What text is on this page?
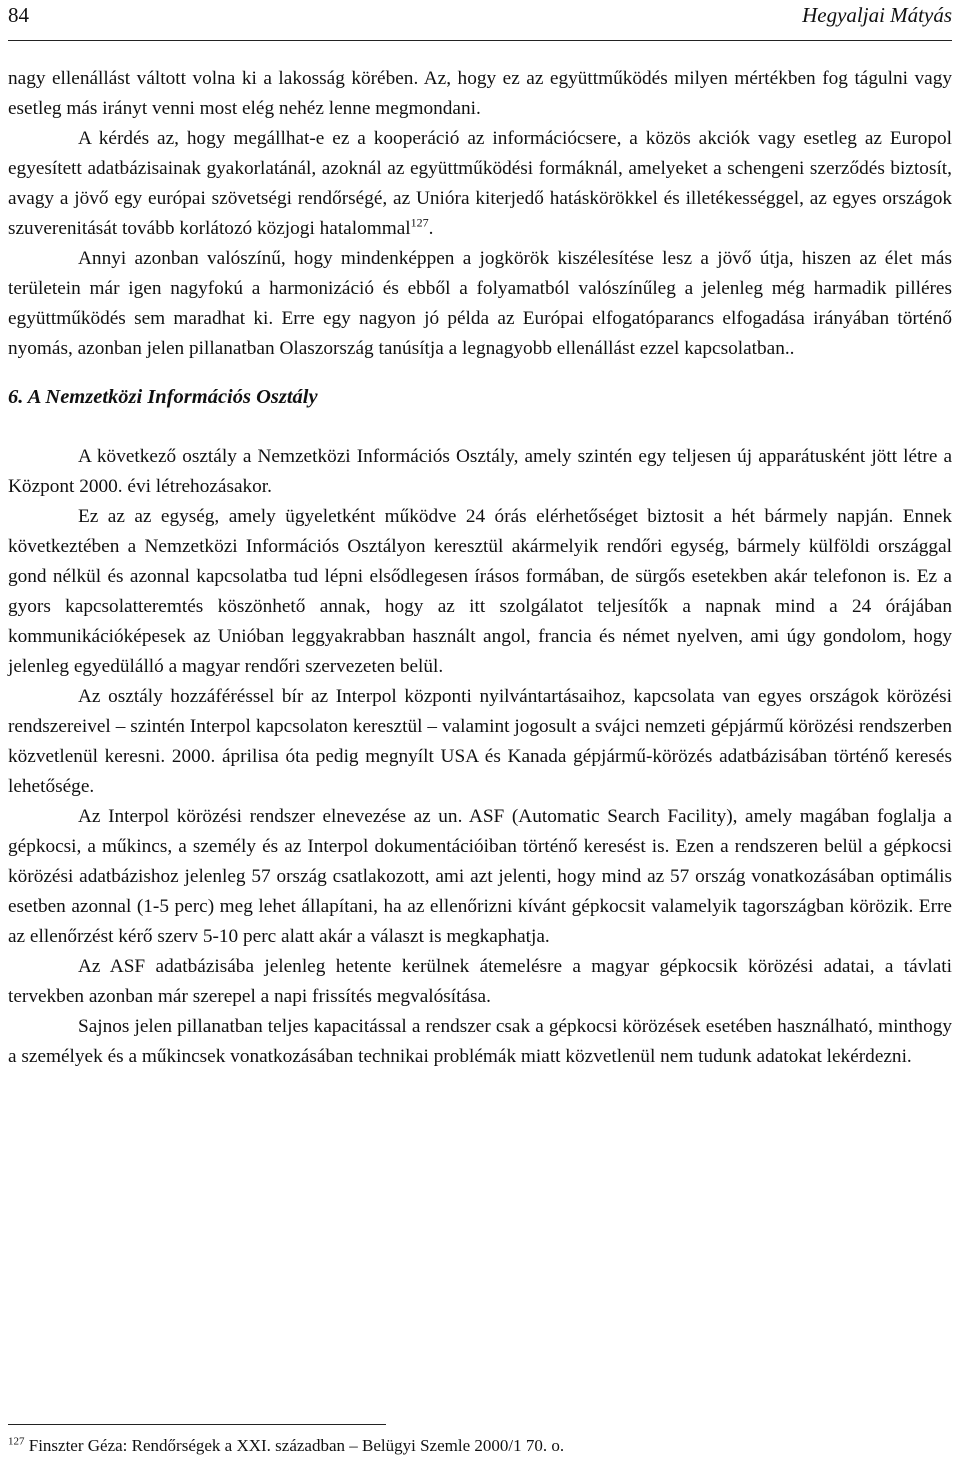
84	Hegyaljai Mátyás

nagy ellenállást váltott volna ki a lakosság körében. Az, hogy ez az együttműködés milyen mértékben fog tágulni vagy esetleg más irányt venni most elég nehéz lenne megmondani.

A kérdés az, hogy megállhat-e ez a kooperáció az információcsere, a közös akciók vagy esetleg az Europol egyesített adatbázisainak gyakorlatánál, azoknál az együttműködési formáknál, amelyeket a schengeni szerződés biztosít, avagy a jövő egy európai szövetségi rendőrségé, az Unióra kiterjedő hatáskörökkel és illetékességgel, az egyes országok szuverenitását tovább korlátozó közjogi hatalommal$^{127}$.

Annyi azonban valószínű, hogy mindenképpen a jogkörök kiszélesítése lesz a jövő útja, hiszen az élet más területein már igen nagyfokú a harmonizáció és ebből a folyamatból valószínűleg a jelenleg még harmadik pilléres együttműködés sem maradhat ki. Erre egy nagyon jó példa az Európai elfogatóparancs elfogadása irányában történő nyomás, azonban jelen pillanatban Olaszország tanúsítja a legnagyobb ellenállást ezzel kapcsolatban..

6. A Nemzetközi Információs Osztály

A következő osztály a Nemzetközi Információs Osztály, amely szintén egy teljesen új apparátusként jött létre a Központ 2000. évi létrehozásakor.

Ez az az egység, amely ügyeletként működve 24 órás elérhetőséget biztosit a hét bármely napján. Ennek következtében a Nemzetközi Információs Osztályon keresztül akármelyik rendőri egység, bármely külföldi országgal gond nélkül és azonnal kapcsolatba tud lépni elsődlegesen írásos formában, de sürgős esetekben akár telefonon is. Ez a gyors kapcsolatteremtés köszönhető annak, hogy az itt szolgálatot teljesítők a napnak mind a 24 órájában kommunikációképesek az Unióban leggyakrabban használt angol, francia és német nyelven, ami úgy gondolom, hogy jelenleg egyedülálló a magyar rendőri szervezeten belül.

Az osztály hozzáféréssel bír az Interpol központi nyilvántartásaihoz, kapcsolata van egyes országok körözési rendszereivel – szintén Interpol kapcsolaton keresztül – valamint jogosult a svájci nemzeti gépjármű körözési rendszerben közvetlenül keresni. 2000. áprilisa óta pedig megnyílt USA és Kanada gépjármű-körözés adatbázisában történő keresés lehetősége.

Az Interpol körözési rendszer elnevezése az un. ASF (Automatic Search Facility), amely magában foglalja a gépkocsi, a műkincs, a személy és az Interpol dokumentációiban történő keresést is. Ezen a rendszeren belül a gépkocsi körözési adatbázishoz jelenleg 57 ország csatlakozott, ami azt jelenti, hogy mind az 57 ország vonatkozásában optimális esetben azonnal (1-5 perc) meg lehet állapítani, ha az ellenőrizni kívánt gépkocsit valamelyik tagországban körözik. Erre az ellenőrzést kérő szerv 5-10 perc alatt akár a választ is megkaphatja.

Az ASF adatbázisába jelenleg hetente kerülnek átemelésre a magyar gépkocsik körözési adatai, a távlati tervekben azonban már szerepel a napi frissítés megvalósítása.

Sajnos jelen pillanatban teljes kapacitással a rendszer csak a gépkocsi körözések esetében használható, minthogy a személyek és a műkincsek vonatkozásában technikai problémák miatt közvetlenül nem tudunk adatokat lekérdezni.

$^{127}$ Finszter Géza: Rendőrségek a XXI. században – Belügyi Szemle 2000/1 70. o.
